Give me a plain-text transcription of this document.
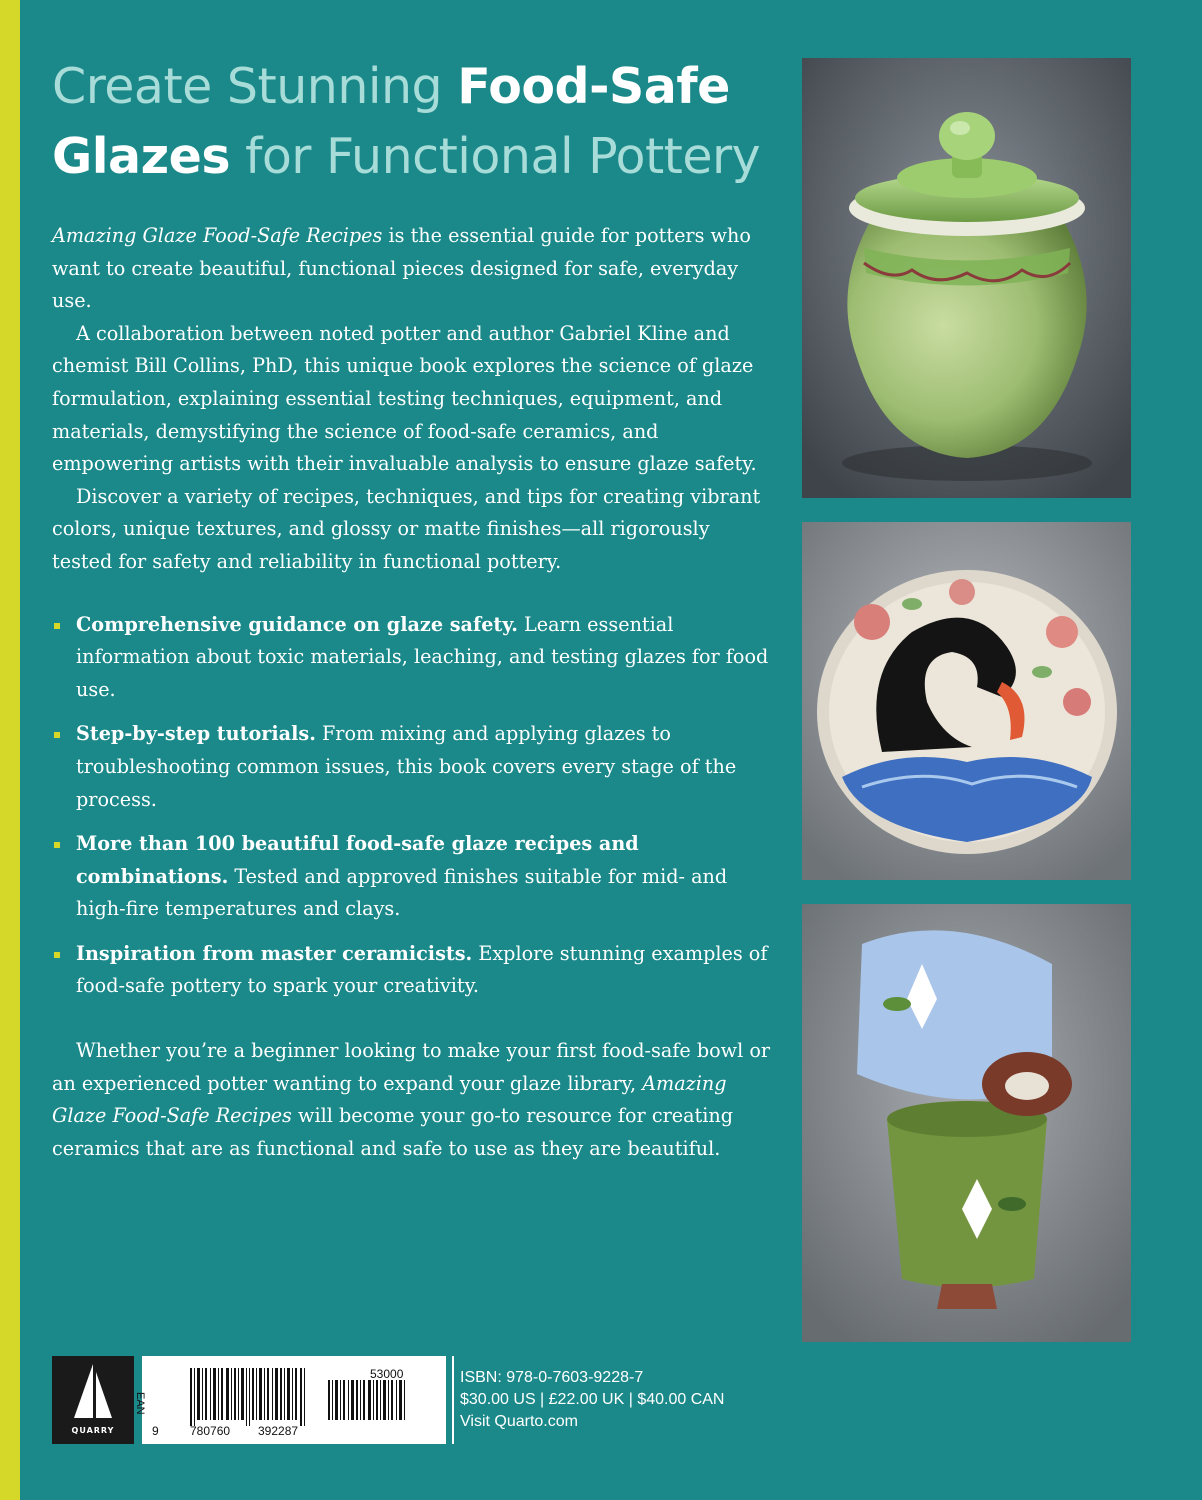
Create Stunning Food-Safe
Glazes for Functional Pottery

Amazing Glaze Food-Safe Recipes is the essential guide for potters who want to create beautiful, functional pieces designed for safe, everyday use.

A collaboration between noted potter and author Gabriel Kline and chemist Bill Collins, PhD, this unique book explores the science of glaze formulation, explaining essential testing techniques, equipment, and materials, demystifying the science of food-safe ceramics, and empowering artists with their invaluable analysis to ensure glaze safety.

Discover a variety of recipes, techniques, and tips for creating vibrant colors, unique textures, and glossy or matte finishes—all rigorously tested for safety and reliability in functional pottery.

Comprehensive guidance on glaze safety. Learn essential information about toxic materials, leaching, and testing glazes for food use.
Step-by-step tutorials. From mixing and applying glazes to troubleshooting common issues, this book covers every stage of the process.
More than 100 beautiful food-safe glaze recipes and combinations. Tested and approved finishes suitable for mid- and high-fire temperatures and clays.
Inspiration from master ceramicists. Explore stunning examples of food-safe pottery to spark your creativity.

Whether you’re a beginner looking to make your first food-safe bowl or an experienced potter wanting to expand your glaze library, Amazing Glaze Food-Safe Recipes will become your go-to resource for creating ceramics that are as functional and safe to use as they are beautiful.

QUARRY
EAN
9	780760 392287
53000	ISBN: 978-0-7603-9228-7
$30.00 US | £22.00 UK | $40.00 CAN
Visit Quarto.com
